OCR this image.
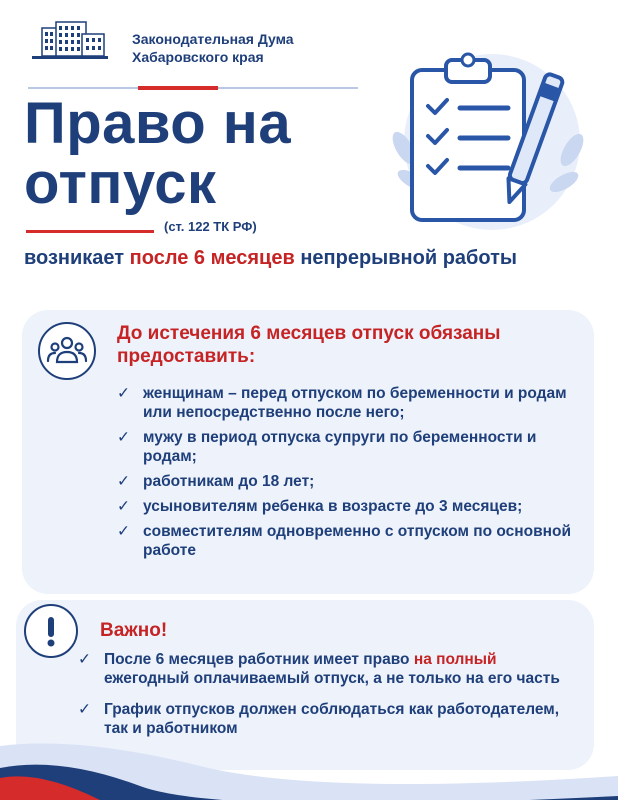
Законодательная Дума
Хабаровского края
Право на
отпуск
(ст. 122 ТК РФ)
возникает после 6 месяцев непрерывной работы
До истечения 6 месяцев отпуск обязаны предоставить:
✓ женщинам – перед отпуском по беременности и родам или непосредственно после него;
✓ мужу в период отпуска супруги по беременности и родам;
✓ работникам до 18 лет;
✓ усыновителям ребенка в возрасте до 3 месяцев;
✓ совместителям одновременно с отпуском по основной работе
Важно!
✓ После 6 месяцев работник имеет право на полный ежегодный оплачиваемый отпуск, а не только на его часть
✓ График отпусков должен соблюдаться как работодателем, так и работником
